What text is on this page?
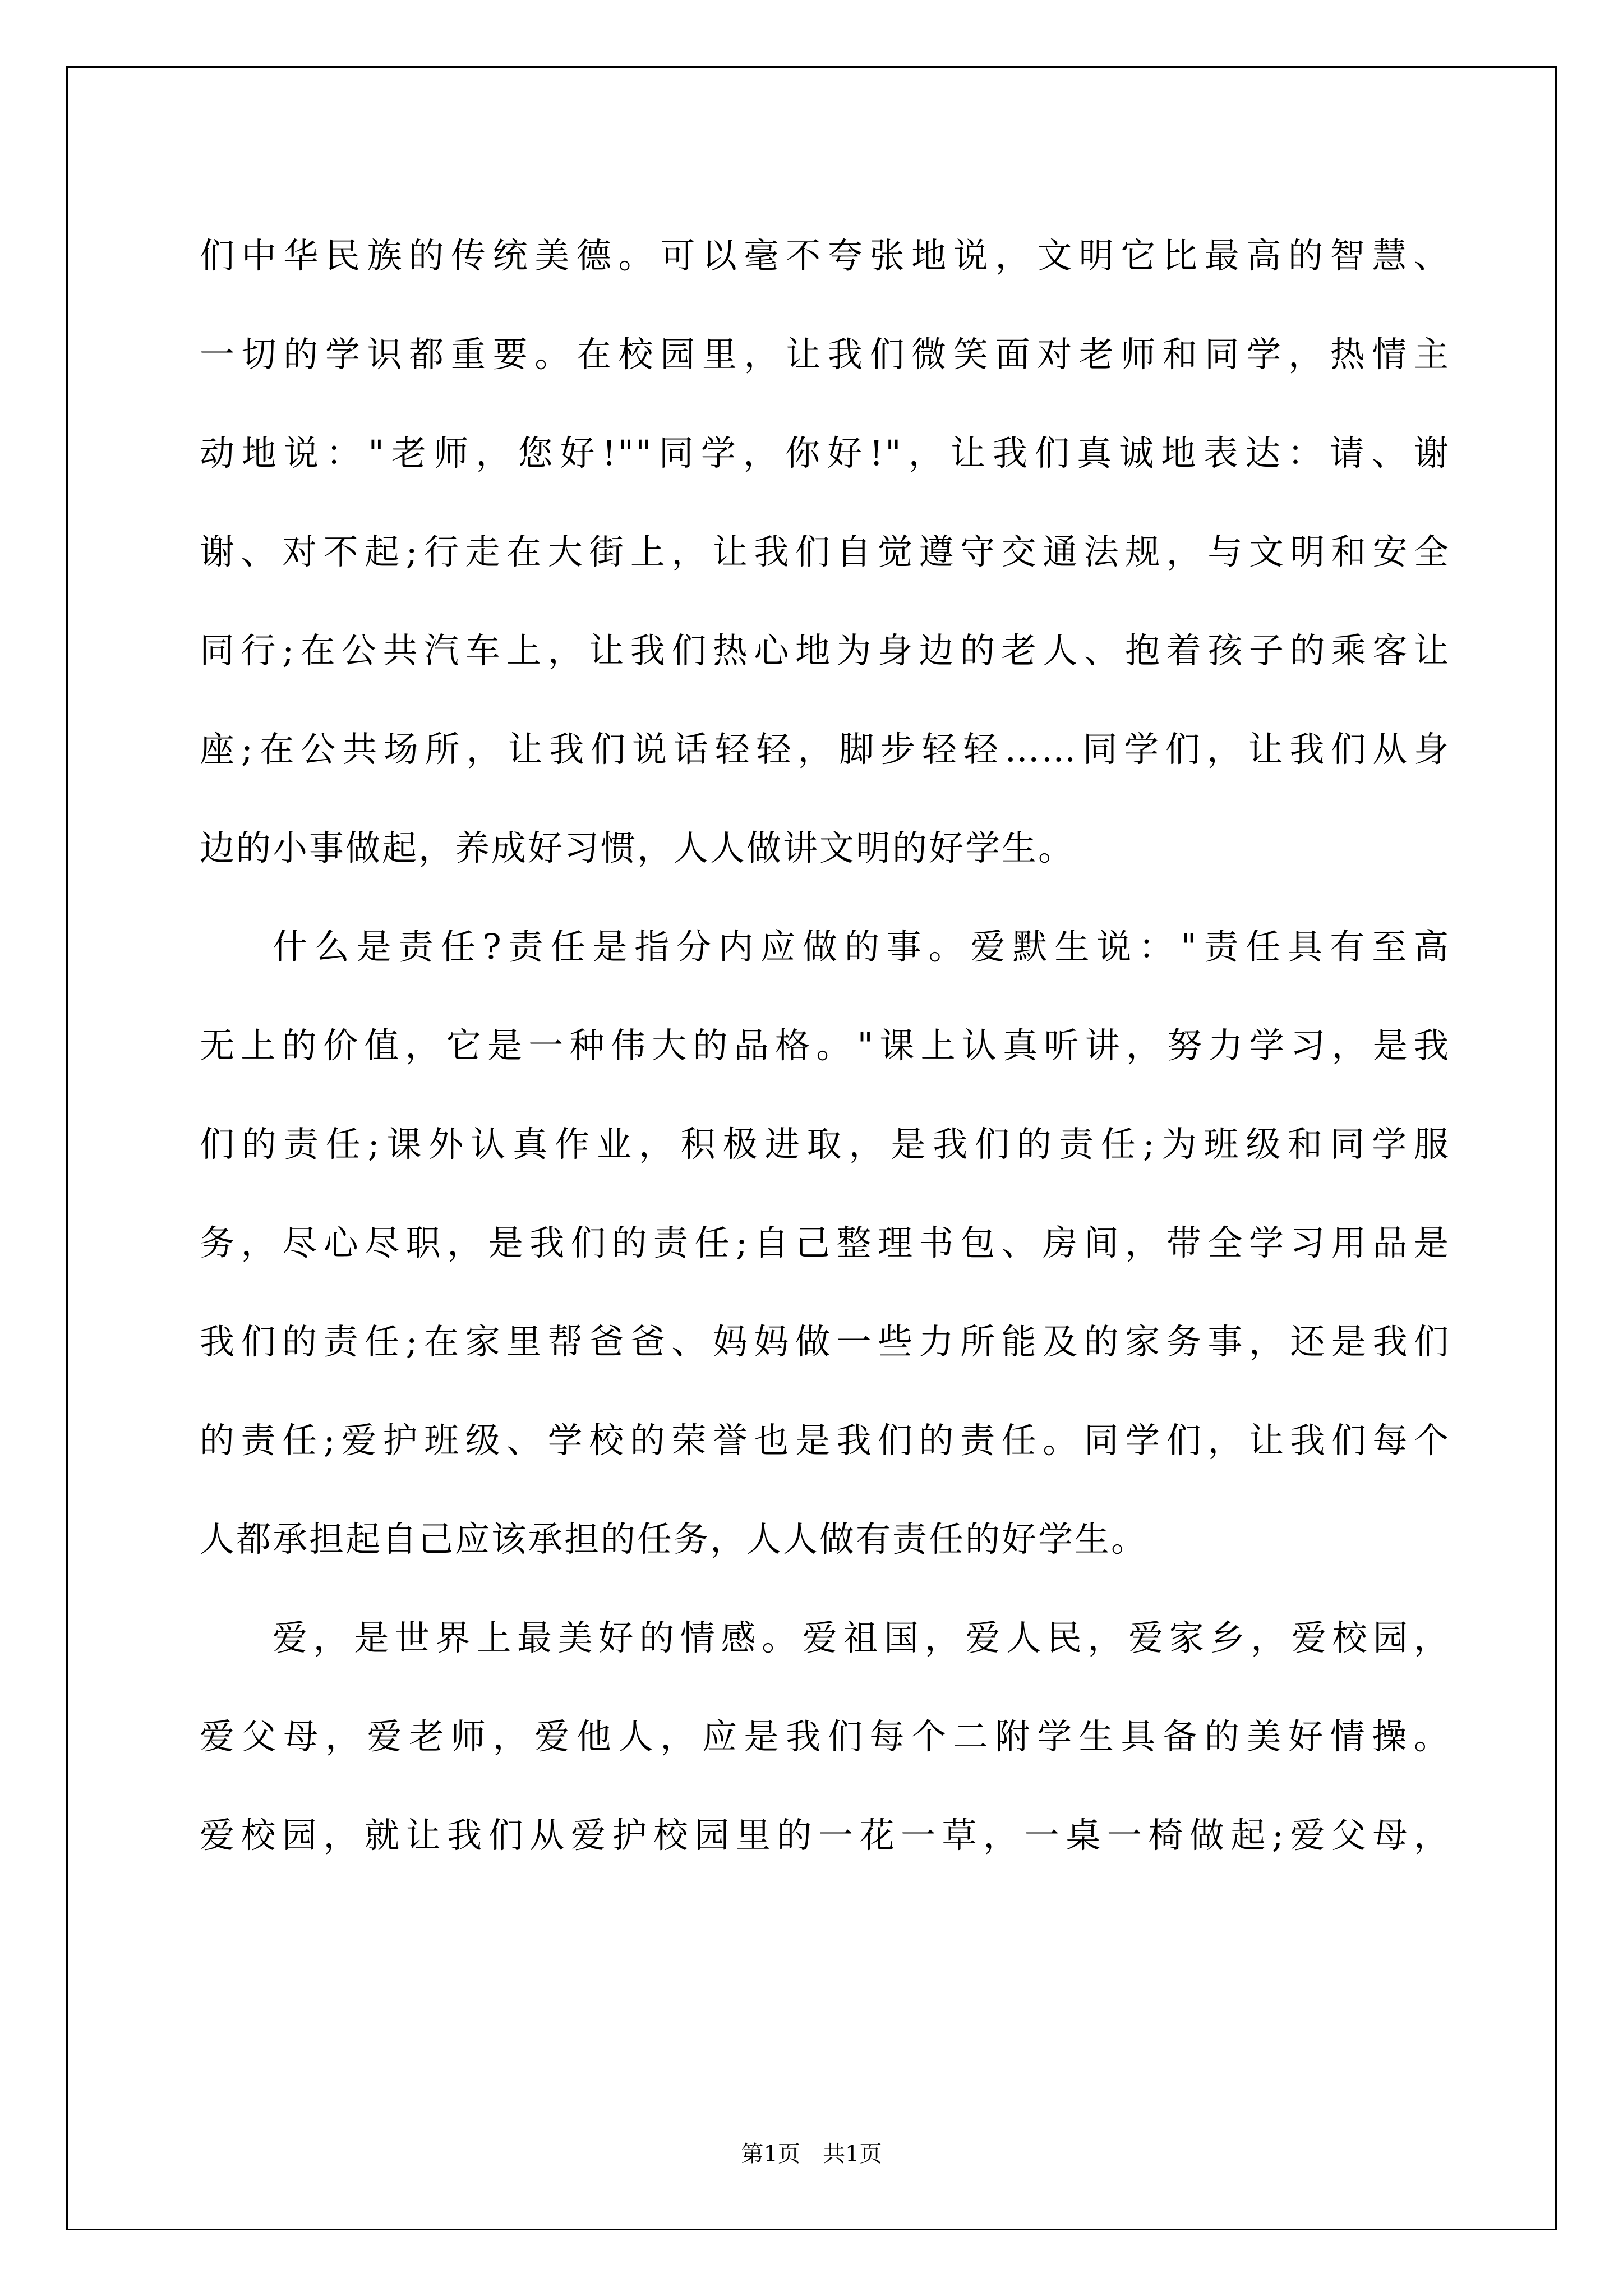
们中华民族的传统美德。可以毫不夸张地说，文明它比最高的智慧、
一切的学识都重要。在校园里，让我们微笑面对老师和同学，热情主
动地说："老师，您好!""同学，你好!"，让我们真诚地表达：请、谢
谢、对不起;行走在大街上，让我们自觉遵守交通法规，与文明和安全
同行;在公共汽车上，让我们热心地为身边的老人、抱着孩子的乘客让
座;在公共场所，让我们说话轻轻，脚步轻轻……同学们，让我们从身
边的小事做起，养成好习惯，人人做讲文明的好学生。
什么是责任?责任是指分内应做的事。爱默生说："责任具有至高
无上的价值，它是一种伟大的品格。"课上认真听讲，努力学习，是我
们的责任;课外认真作业，积极进取，是我们的责任;为班级和同学服
务，尽心尽职，是我们的责任;自己整理书包、房间，带全学习用品是
我们的责任;在家里帮爸爸、妈妈做一些力所能及的家务事，还是我们
的责任;爱护班级、学校的荣誉也是我们的责任。同学们，让我们每个
人都承担起自己应该承担的任务，人人做有责任的好学生。
爱，是世界上最美好的情感。爱祖国，爱人民，爱家乡，爱校园，
爱父母，爱老师，爱他人，应是我们每个二附学生具备的美好情操。
爱校园，就让我们从爱护校园里的一花一草，一桌一椅做起;爱父母，
第1页 共1页
